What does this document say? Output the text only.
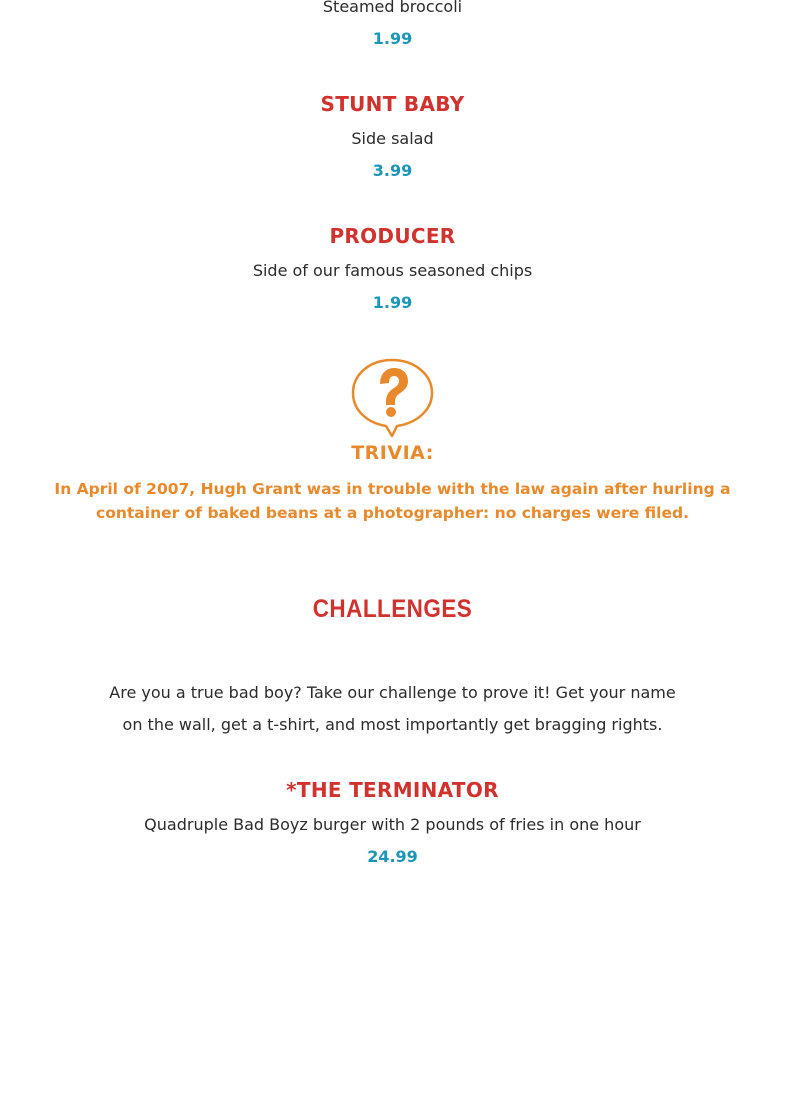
Steamed broccoli
1.99
STUNT BABY
Side salad
3.99
PRODUCER
Side of our famous seasoned chips
1.99
TRIVIA:
In April of 2007, Hugh Grant was in trouble with the law again after hurling a container of baked beans at a photographer: no charges were filed.
CHALLENGES
Are you a true bad boy? Take our challenge to prove it! Get your name on the wall, get a t-shirt, and most importantly get bragging rights.
*THE TERMINATOR
Quadruple Bad Boyz burger with 2 pounds of fries in one hour
24.99
